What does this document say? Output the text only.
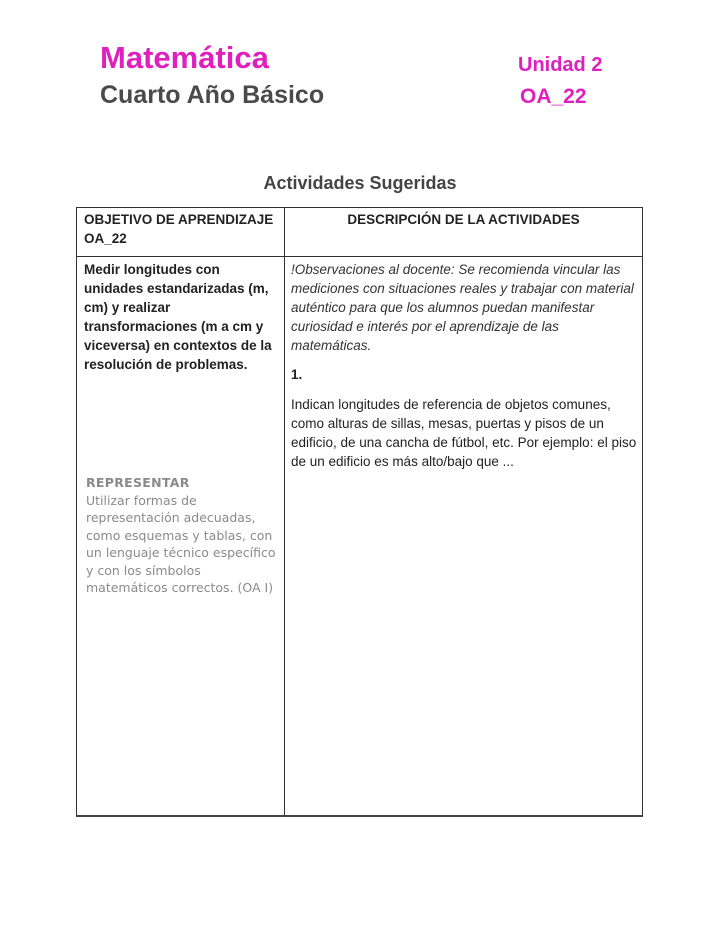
Matemática
Cuarto Año Básico
Unidad 2
OA_22
Actividades Sugeridas
OBJETIVO DE APRENDIZAJE OA_22
DESCRIPCIÓN DE LA ACTIVIDADES
Medir longitudes con unidades estandarizadas (m, cm) y realizar transformaciones (m a cm y viceversa) en contextos de la resolución de problemas.
REPRESENTAR
Utilizar formas de representación adecuadas, como esquemas y tablas, con un lenguaje técnico específico y con los símbolos matemáticos correctos. (OA I)
!Observaciones al docente: Se recomienda vincular las mediciones con situaciones reales y trabajar con material auténtico para que los alumnos puedan manifestar curiosidad e interés por el aprendizaje de las matemáticas.
1.
Indican longitudes de referencia de objetos comunes, como alturas de sillas, mesas, puertas y pisos de un edificio, de una cancha de fútbol, etc. Por ejemplo: el piso de un edificio es más alto/bajo que ...
